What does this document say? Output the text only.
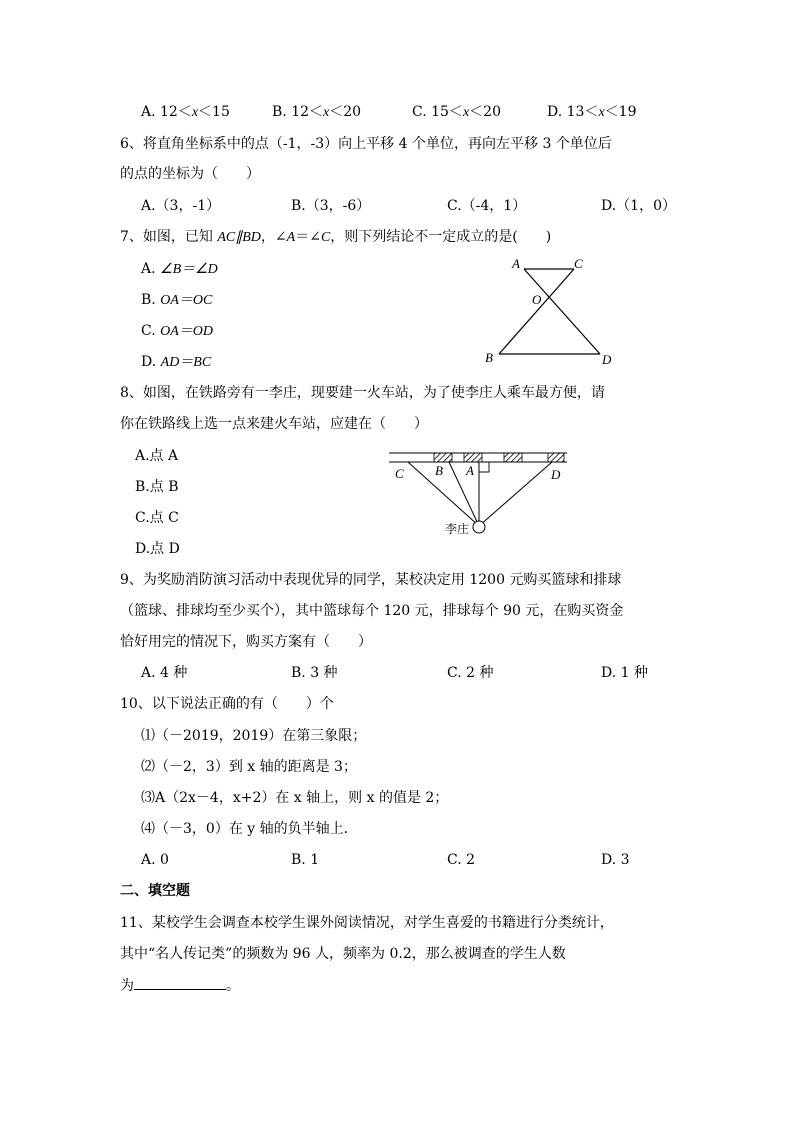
A. 12＜x＜15	B. 12＜x＜20	C. 15＜x＜20	D. 13＜x＜19
6、将直角坐标系中的点（-1，-3）向上平移 4 个单位，再向左平移 3 个单位后
的点的坐标为（　　）
A.（3，-1）	B.（3，-6）	C.（-4，1）	D.（1，0）
7、如图，已知 AC∥BD，∠A＝∠C，则下列结论不一定成立的是(　　)
A. ∠B＝∠D
B. OA＝OC
C. OA＝OD
D. AD＝BC
A	C
O
B	D
8、如图，在铁路旁有一李庄，现要建一火车站，为了使李庄人乘车最方便，请
你在铁路线上选一点来建火车站，应建在（　　）
A.点 A
B.点 B
C.点 C
D.点 D
C B A	D
李庄
9、为奖励消防演习活动中表现优异的同学，某校决定用 1200 元购买篮球和排球
（篮球、排球均至少买个），其中篮球每个 120 元，排球每个 90 元，在购买资金
恰好用完的情况下，购买方案有（　　）
A. 4 种	B. 3 种	C. 2 种	D. 1 种
10、以下说法正确的有（　　）个
⑴（－2019，2019）在第三象限；
⑵（－2，3）到 x 轴的距离是 3；
⑶A（2x－4，x+2）在 x 轴上，则 x 的值是 2；
⑷（－3，0）在 y 轴的负半轴上．
A. 0	B. 1	C. 2	D. 3
二、填空题
11、某校学生会调查本校学生课外阅读情况，对学生喜爱的书籍进行分类统计，
其中“名人传记类”的频数为 96 人，频率为 0.2，那么被调查的学生人数
为	。
